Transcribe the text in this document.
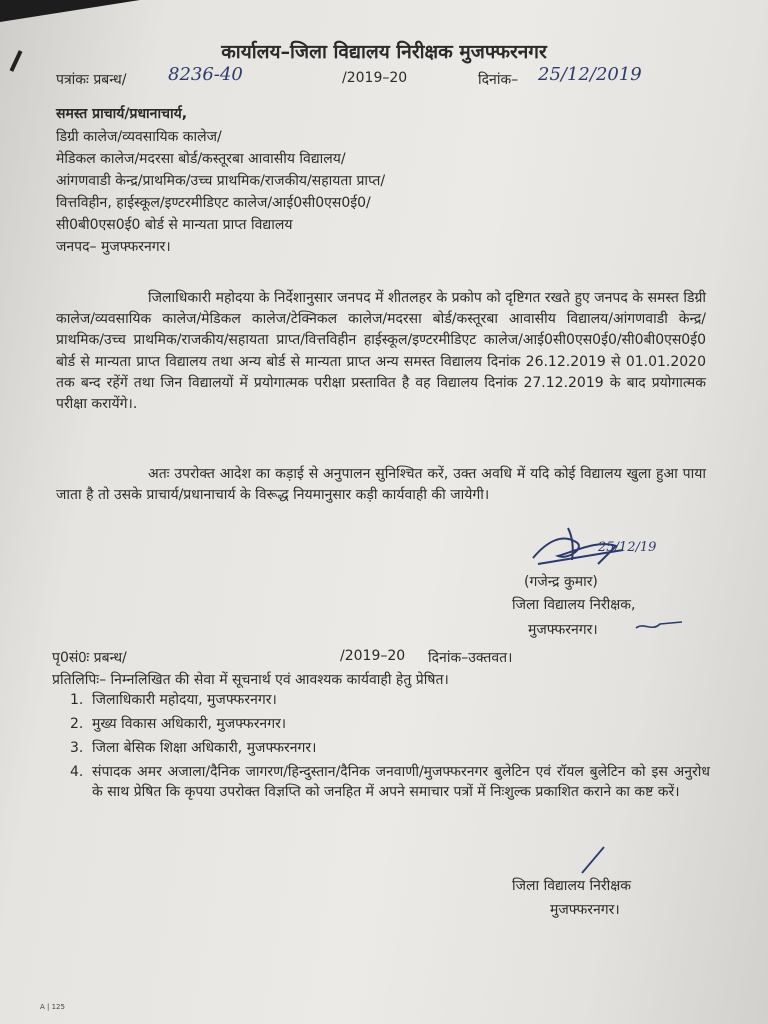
कार्यालय–जिला विद्यालय निरीक्षक मुजफ्फरनगर
पत्रांकः प्रबन्ध/ 8236-40	/2019–20	दिनांक– 25/12/2019
समस्त प्राचार्य/प्रधानाचार्य,
डिग्री कालेज/व्यवसायिक कालेज/
मेडिकल कालेज/मदरसा बोर्ड/कस्तूरबा आवासीय विद्यालय/
आंगणवाडी केन्द्र/प्राथमिक/उच्च प्राथमिक/राजकीय/सहायता प्राप्त/
वित्तविहीन, हाईस्कूल/इण्टरमीडिएट कालेज/आई0सी0एस0ई0/
सी0बी0एस0ई0 बोर्ड से मान्यता प्राप्त विद्यालय
जनपद– मुजफ्फरनगर।

जिलाधिकारी महोदया के निर्देशानुसार जनपद में शीतलहर के प्रकोप को दृष्टिगत रखते हुए जनपद के समस्त डिग्री कालेज/व्यवसायिक कालेज/मेडिकल कालेज/टेक्निकल कालेज/मदरसा बोर्ड/कस्तूरबा आवासीय विद्यालय/आंगणवाडी केन्द्र/प्राथमिक/उच्च प्राथमिक/राजकीय/सहायता प्राप्त/वित्तविहीन हाईस्कूल/इण्टरमीडिएट कालेज/आई0सी0एस0ई0/सी0बी0एस0ई0 बोर्ड से मान्यता प्राप्त विद्यालय तथा अन्य बोर्ड से मान्यता प्राप्त अन्य समस्त विद्यालय दिनांक 26.12.2019 से 01.01.2020 तक बन्द रहेंगें तथा जिन विद्यालयों में प्रयोगात्मक परीक्षा प्रस्तावित है वह विद्यालय दिनांक 27.12.2019 के बाद प्रयोगात्मक परीक्षा करायेंगे।.

अतः उपरोक्त आदेश का कड़ाई से अनुपालन सुनिश्चित करें, उक्त अवधि में यदि कोई विद्यालय खुला हुआ पाया जाता है तो उसके प्राचार्य/प्रधानाचार्य के विरूद्ध नियमानुसार कड़ी कार्यवाही की जायेगी।

25/12/19
(गजेन्द्र कुमार)
जिला विद्यालय निरीक्षक,
मुजफ्फरनगर।
पृ0सं0ः प्रबन्ध/	/2019–20 दिनांक–उक्तवत।
प्रतिलिपिः– निम्नलिखित की सेवा में सूचनार्थ एवं आवश्यक कार्यवाही हेतु प्रेषित।
1. जिलाधिकारी महोदया, मुजफ्फरनगर।
2. मुख्य विकास अधिकारी, मुजफ्फरनगर।
3. जिला बेसिक शिक्षा अधिकारी, मुजफ्फरनगर।
4. संपादक अमर अजाला/दैनिक जागरण/हिन्दुस्तान/दैनिक जनवाणी/मुजफ्फरनगर बुलेटिन एवं रॉयल बुलेटिन को इस अनुरोध के साथ प्रेषित कि कृपया उपरोक्त विज्ञप्ति को जनहित में अपने समाचार पत्रों में निःशुल्क प्रकाशित कराने का कष्ट करें।
जिला विद्यालय निरीक्षक
मुजफ्फरनगर।
A | 125
